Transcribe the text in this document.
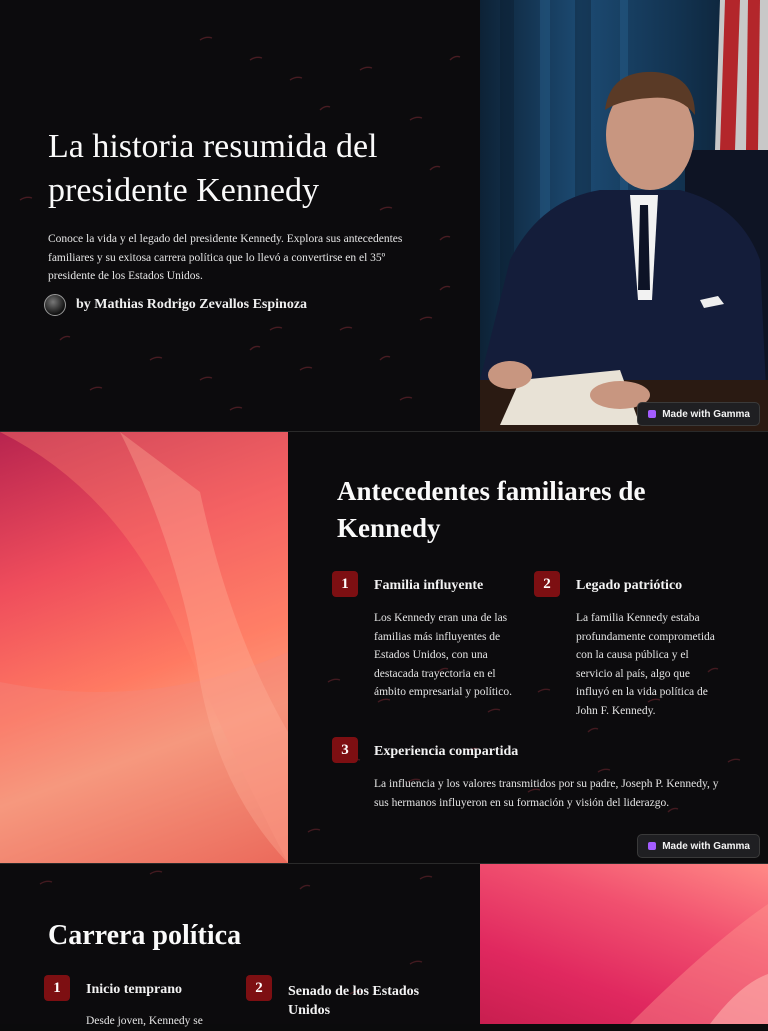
La historia resumida del presidente Kennedy

Conoce la vida y el legado del presidente Kennedy. Explora sus antecedentes familiares y su exitosa carrera política que lo llevó a convertirse en el 35º presidente de los Estados Unidos.

by Mathias Rodrigo Zevallos Espinoza
Made with Gamma
Antecedentes familiares de Kennedy
1	Familia influyente

Los Kennedy eran una de las familias más influyentes de Estados Unidos, con una destacada trayectoria en el ámbito empresarial y político.

2	Legado patriótico

La familia Kennedy estaba profundamente comprometida con la causa pública y el servicio al país, algo que influyó en la vida política de John F. Kennedy.

3	Experiencia compartida

La influencia y los valores transmitidos por su padre, Joseph P. Kennedy, y sus hermanos influyeron en su formación y visión del liderazgo.

Made with Gamma
Carrera política
1	Inicio temprano

Desde joven, Kennedy se

2	Senado de los Estados Unidos
